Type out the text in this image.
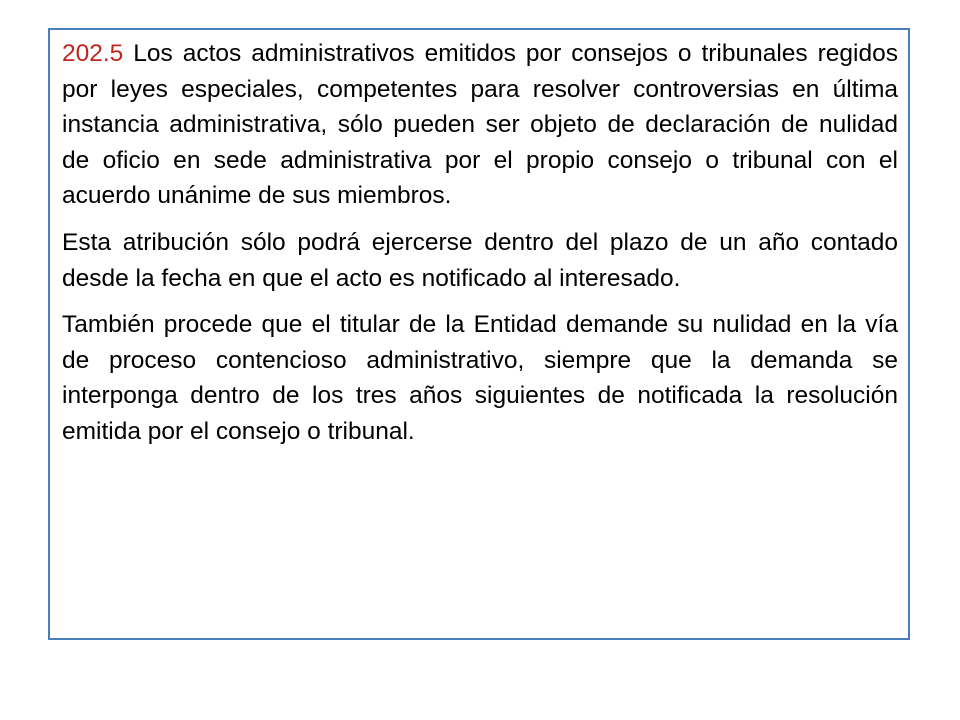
202.5 Los actos administrativos emitidos por consejos o tribunales regidos por leyes especiales, competentes para resolver controversias en última instancia administrativa, sólo pueden ser objeto de declaración de nulidad de oficio en sede administrativa por el propio consejo o tribunal con el acuerdo unánime de sus miembros.

Esta atribución sólo podrá ejercerse dentro del plazo de un año contado desde la fecha en que el acto es notificado al interesado.

También procede que el titular de la Entidad demande su nulidad en la vía de proceso contencioso administrativo, siempre que la demanda se interponga dentro de los tres años siguientes de notificada la resolución emitida por el consejo o tribunal.
